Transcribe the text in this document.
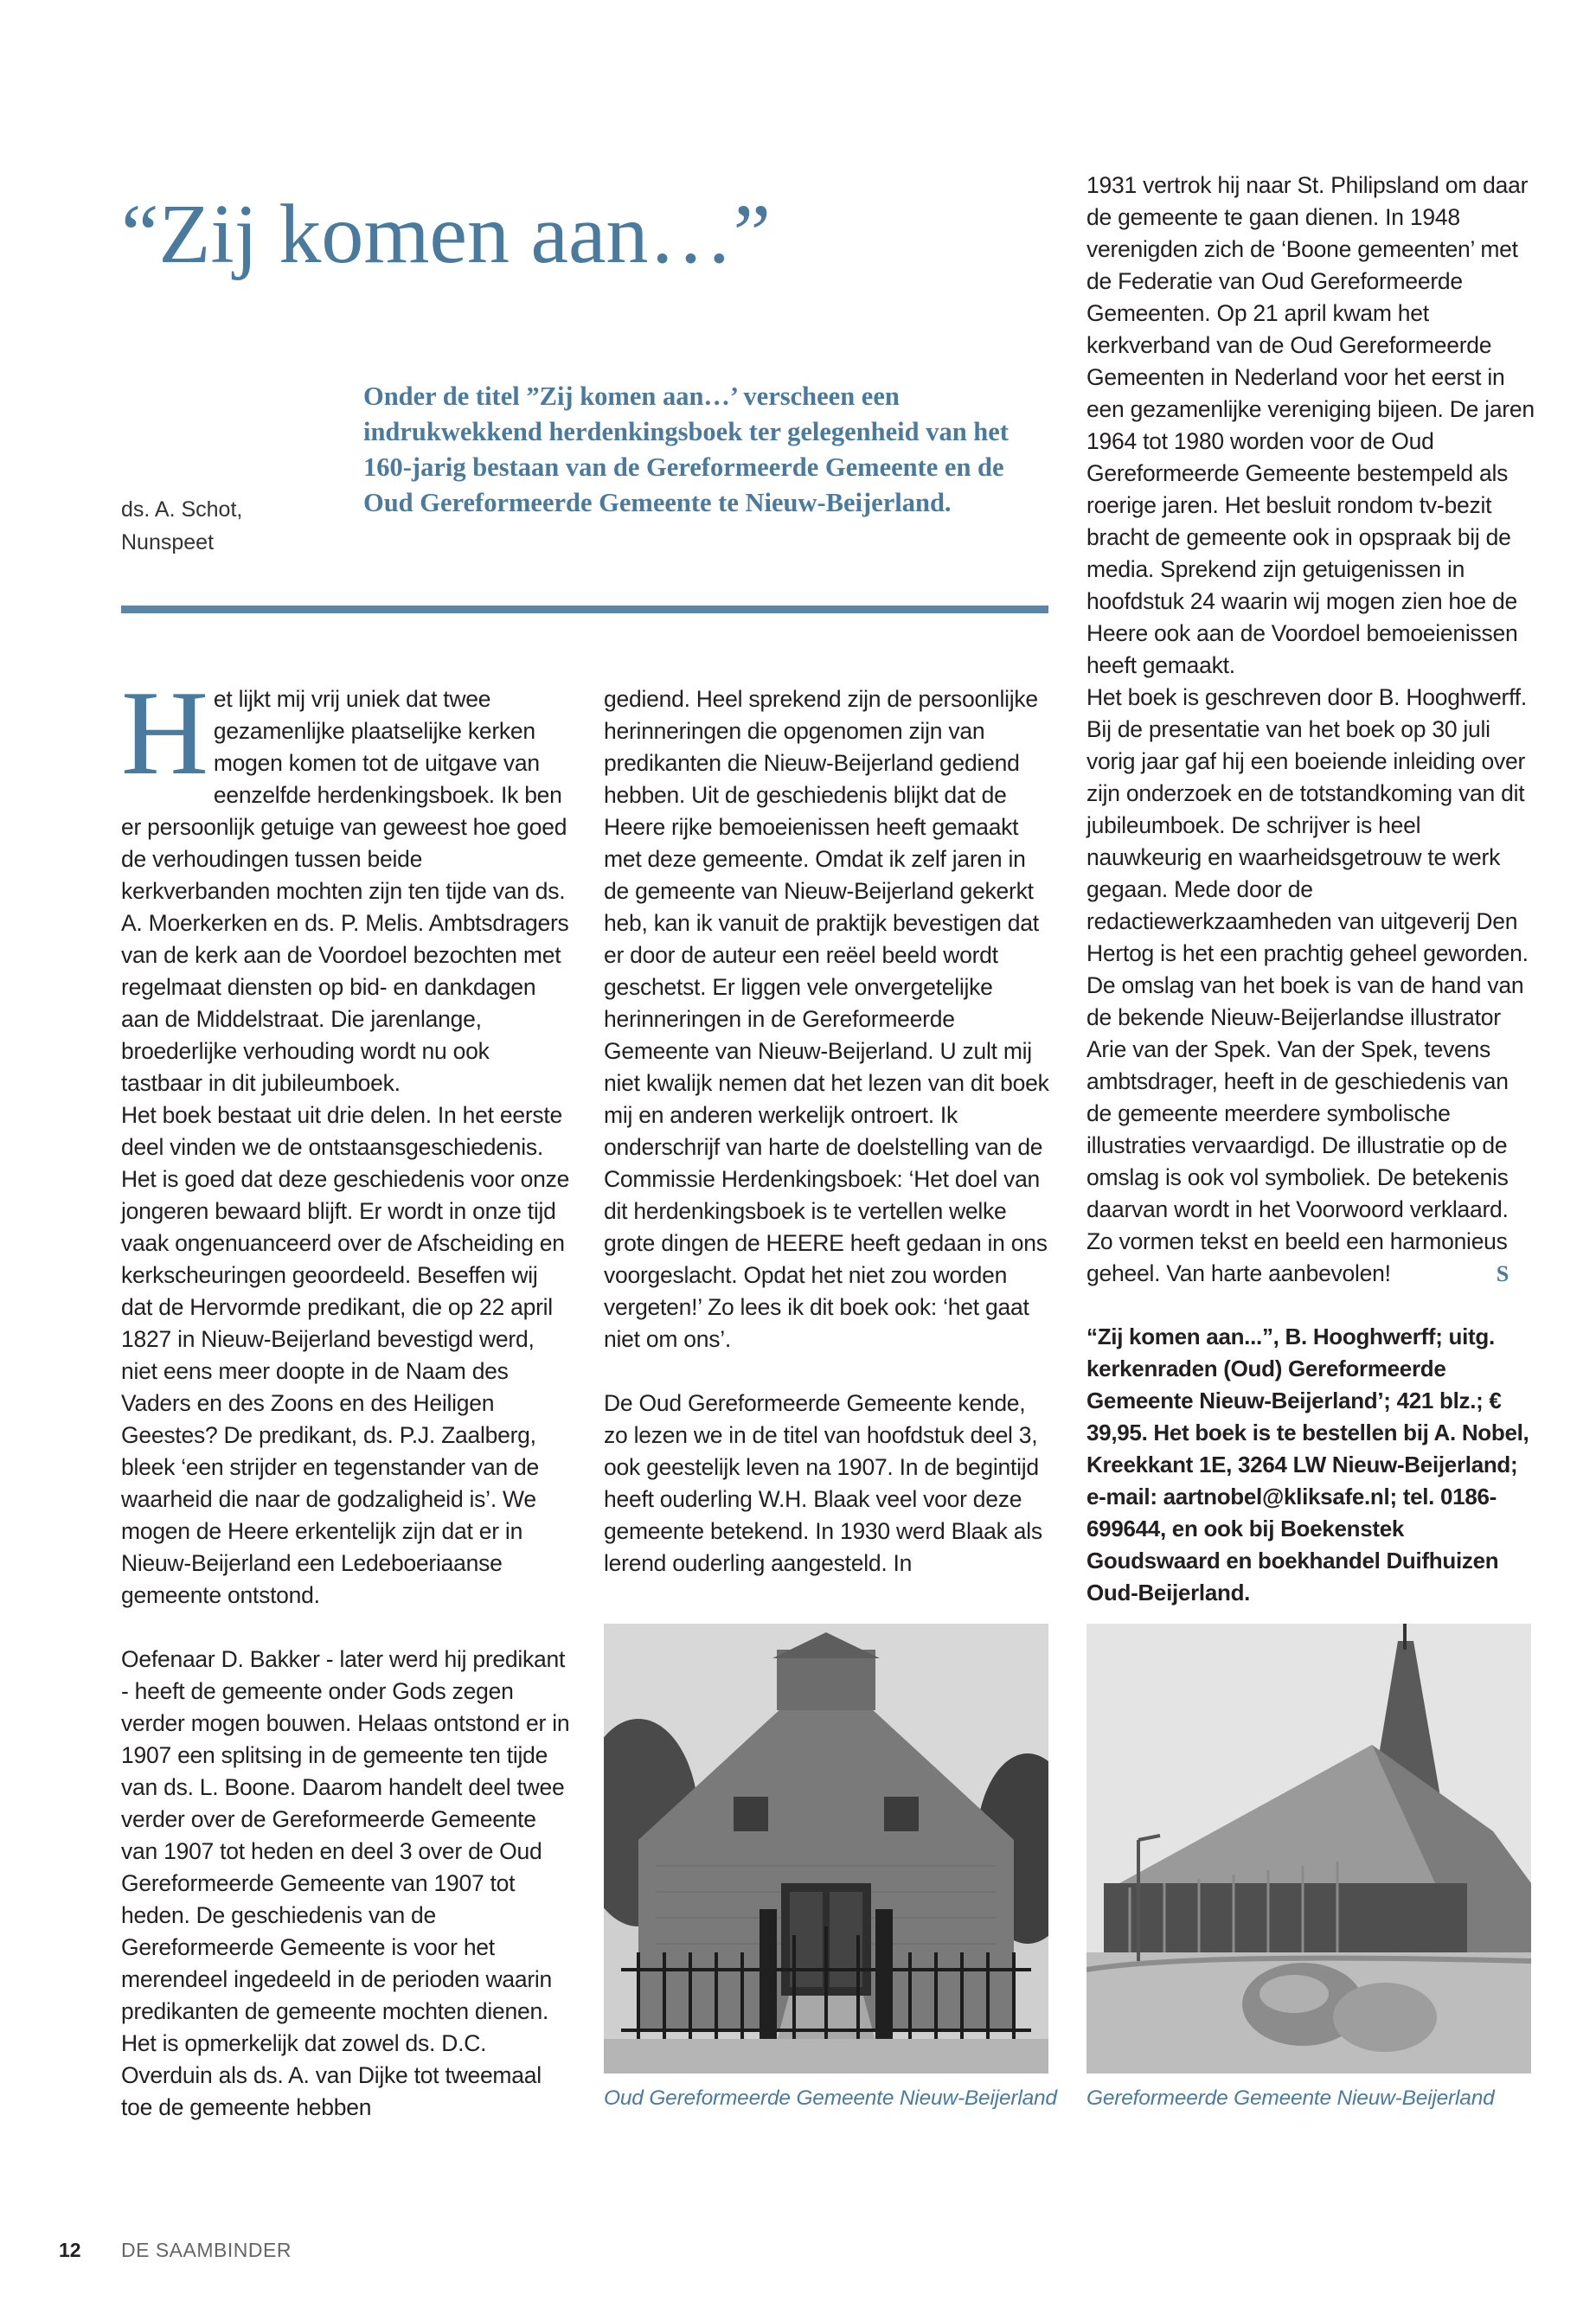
“Zij komen aan…”
ds. A. Schot,
Nunspeet

Onder de titel ”Zij komen aan…’ verscheen een indrukwekkend herdenkingsboek ter gelegenheid van het 160-jarig bestaan van de Gereformeerde Gemeente en de Oud Gereformeerde Gemeente te Nieuw-Beijerland.

H et lijkt mij vrij uniek dat twee gezamenlijke plaatselijke kerken mogen komen tot de uitgave van eenzelfde herdenkingsboek. Ik ben er persoonlijk getuige van geweest hoe goed de verhoudingen tussen beide kerkverbanden mochten zijn ten tijde van ds. A. Moerkerken en ds. P. Melis. Ambtsdragers van de kerk aan de Voordoel bezochten met regelmaat diensten op bid- en dankdagen aan de Middelstraat. Die jarenlange, broederlijke verhouding wordt nu ook tastbaar in dit jubileumboek.

Het boek bestaat uit drie delen. In het eerste deel vinden we de ontstaansgeschiedenis. Het is goed dat deze geschiedenis voor onze jongeren bewaard blijft. Er wordt in onze tijd vaak ongenuanceerd over de Afscheiding en kerkscheuringen geoordeeld. Beseffen wij dat de Hervormde predikant, die op 22 april 1827 in Nieuw-Beijerland bevestigd werd, niet eens meer doopte in de Naam des Vaders en des Zoons en des Heiligen Geestes? De predikant, ds. P.J. Zaalberg, bleek ‘een strijder en tegenstander van de waarheid die naar de godzaligheid is’. We mogen de Heere erkentelijk zijn dat er in Nieuw-Beijerland een Ledeboeriaanse gemeente ontstond.

Oefenaar D. Bakker - later werd hij predikant - heeft de gemeente onder Gods zegen verder mogen bouwen. Helaas ontstond er in 1907 een splitsing in de gemeente ten tijde van ds. L. Boone. Daarom handelt deel twee verder over de Gereformeerde Gemeente van 1907 tot heden en deel 3 over de Oud Gereformeerde Gemeente van 1907 tot heden. De geschiedenis van de Gereformeerde Gemeente is voor het merendeel ingedeeld in de perioden waarin predikanten de gemeente mochten dienen. Het is opmerkelijk dat zowel ds. D.C. Overduin als ds. A. van Dijke tot tweemaal toe de gemeente hebben

gediend. Heel sprekend zijn de persoonlijke herinneringen die opgenomen zijn van predikanten die Nieuw-Beijerland gediend hebben. Uit de geschiedenis blijkt dat de Heere rijke bemoeienissen heeft gemaakt met deze gemeente. Omdat ik zelf jaren in de gemeente van Nieuw-Beijerland gekerkt heb, kan ik vanuit de praktijk bevestigen dat er door de auteur een reëel beeld wordt geschetst. Er liggen vele onvergetelijke herinneringen in de Gereformeerde Gemeente van Nieuw-Beijerland. U zult mij niet kwalijk nemen dat het lezen van dit boek mij en anderen werkelijk ontroert. Ik onderschrijf van harte de doelstelling van de Commissie Herdenkingsboek: ‘Het doel van dit herdenkingsboek is te vertellen welke grote dingen de HEERE heeft gedaan in ons voorgeslacht. Opdat het niet zou worden vergeten!’ Zo lees ik dit boek ook: ‘het gaat niet om ons’.

De Oud Gereformeerde Gemeente kende, zo lezen we in de titel van hoofdstuk deel 3, ook geestelijk leven na 1907. In de begintijd heeft ouderling W.H. Blaak veel voor deze gemeente betekend. In 1930 werd Blaak als lerend ouderling aangesteld. In

1931 vertrok hij naar St. Philipsland om daar de gemeente te gaan dienen. In 1948 verenigden zich de ‘Boone gemeenten’ met de Federatie van Oud Gereformeerde Gemeenten. Op 21 april kwam het kerkverband van de Oud Gereformeerde Gemeenten in Nederland voor het eerst in een gezamenlijke vereniging bijeen. De jaren 1964 tot 1980 worden voor de Oud Gereformeerde Gemeente bestempeld als roerige jaren. Het besluit rondom tv-bezit bracht de gemeente ook in opspraak bij de media. Sprekend zijn getuigenissen in hoofdstuk 24 waarin wij mogen zien hoe de Heere ook aan de Voordoel bemoeienissen heeft gemaakt.

Het boek is geschreven door B. Hooghwerff. Bij de presentatie van het boek op 30 juli vorig jaar gaf hij een boeiende inleiding over zijn onderzoek en de totstandkoming van dit jubileumboek. De schrijver is heel nauwkeurig en waarheidsgetrouw te werk gegaan. Mede door de redactiewerkzaamheden van uitgeverij Den Hertog is het een prachtig geheel geworden. De omslag van het boek is van de hand van de bekende Nieuw-Beijerlandse illustrator Arie van der Spek. Van der Spek, tevens ambtsdrager, heeft in de geschiedenis van de gemeente meerdere symbolische illustraties vervaardigd. De illustratie op de omslag is ook vol symboliek. De betekenis daarvan wordt in het Voorwoord verklaard. Zo vormen tekst en beeld een harmonieus geheel. Van harte aanbevolen!	S

“Zij komen aan...”, B. Hooghwerff; uitg. kerkenraden (Oud) Gereformeerde Gemeente Nieuw-Beijerland’; 421 blz.; € 39,95. Het boek is te bestellen bij A. Nobel, Kreekkant 1E, 3264 LW Nieuw-Beijerland; e-mail: aartnobel@kliksafe.nl; tel. 0186-699644, en ook bij Boekenstek Goudswaard en boekhandel Duifhuizen Oud-Beijerland.

Oud Gereformeerde Gemeente Nieuw-Beijerland Gereformeerde Gemeente Nieuw-Beijerland
12 DE SAAMBINDER
